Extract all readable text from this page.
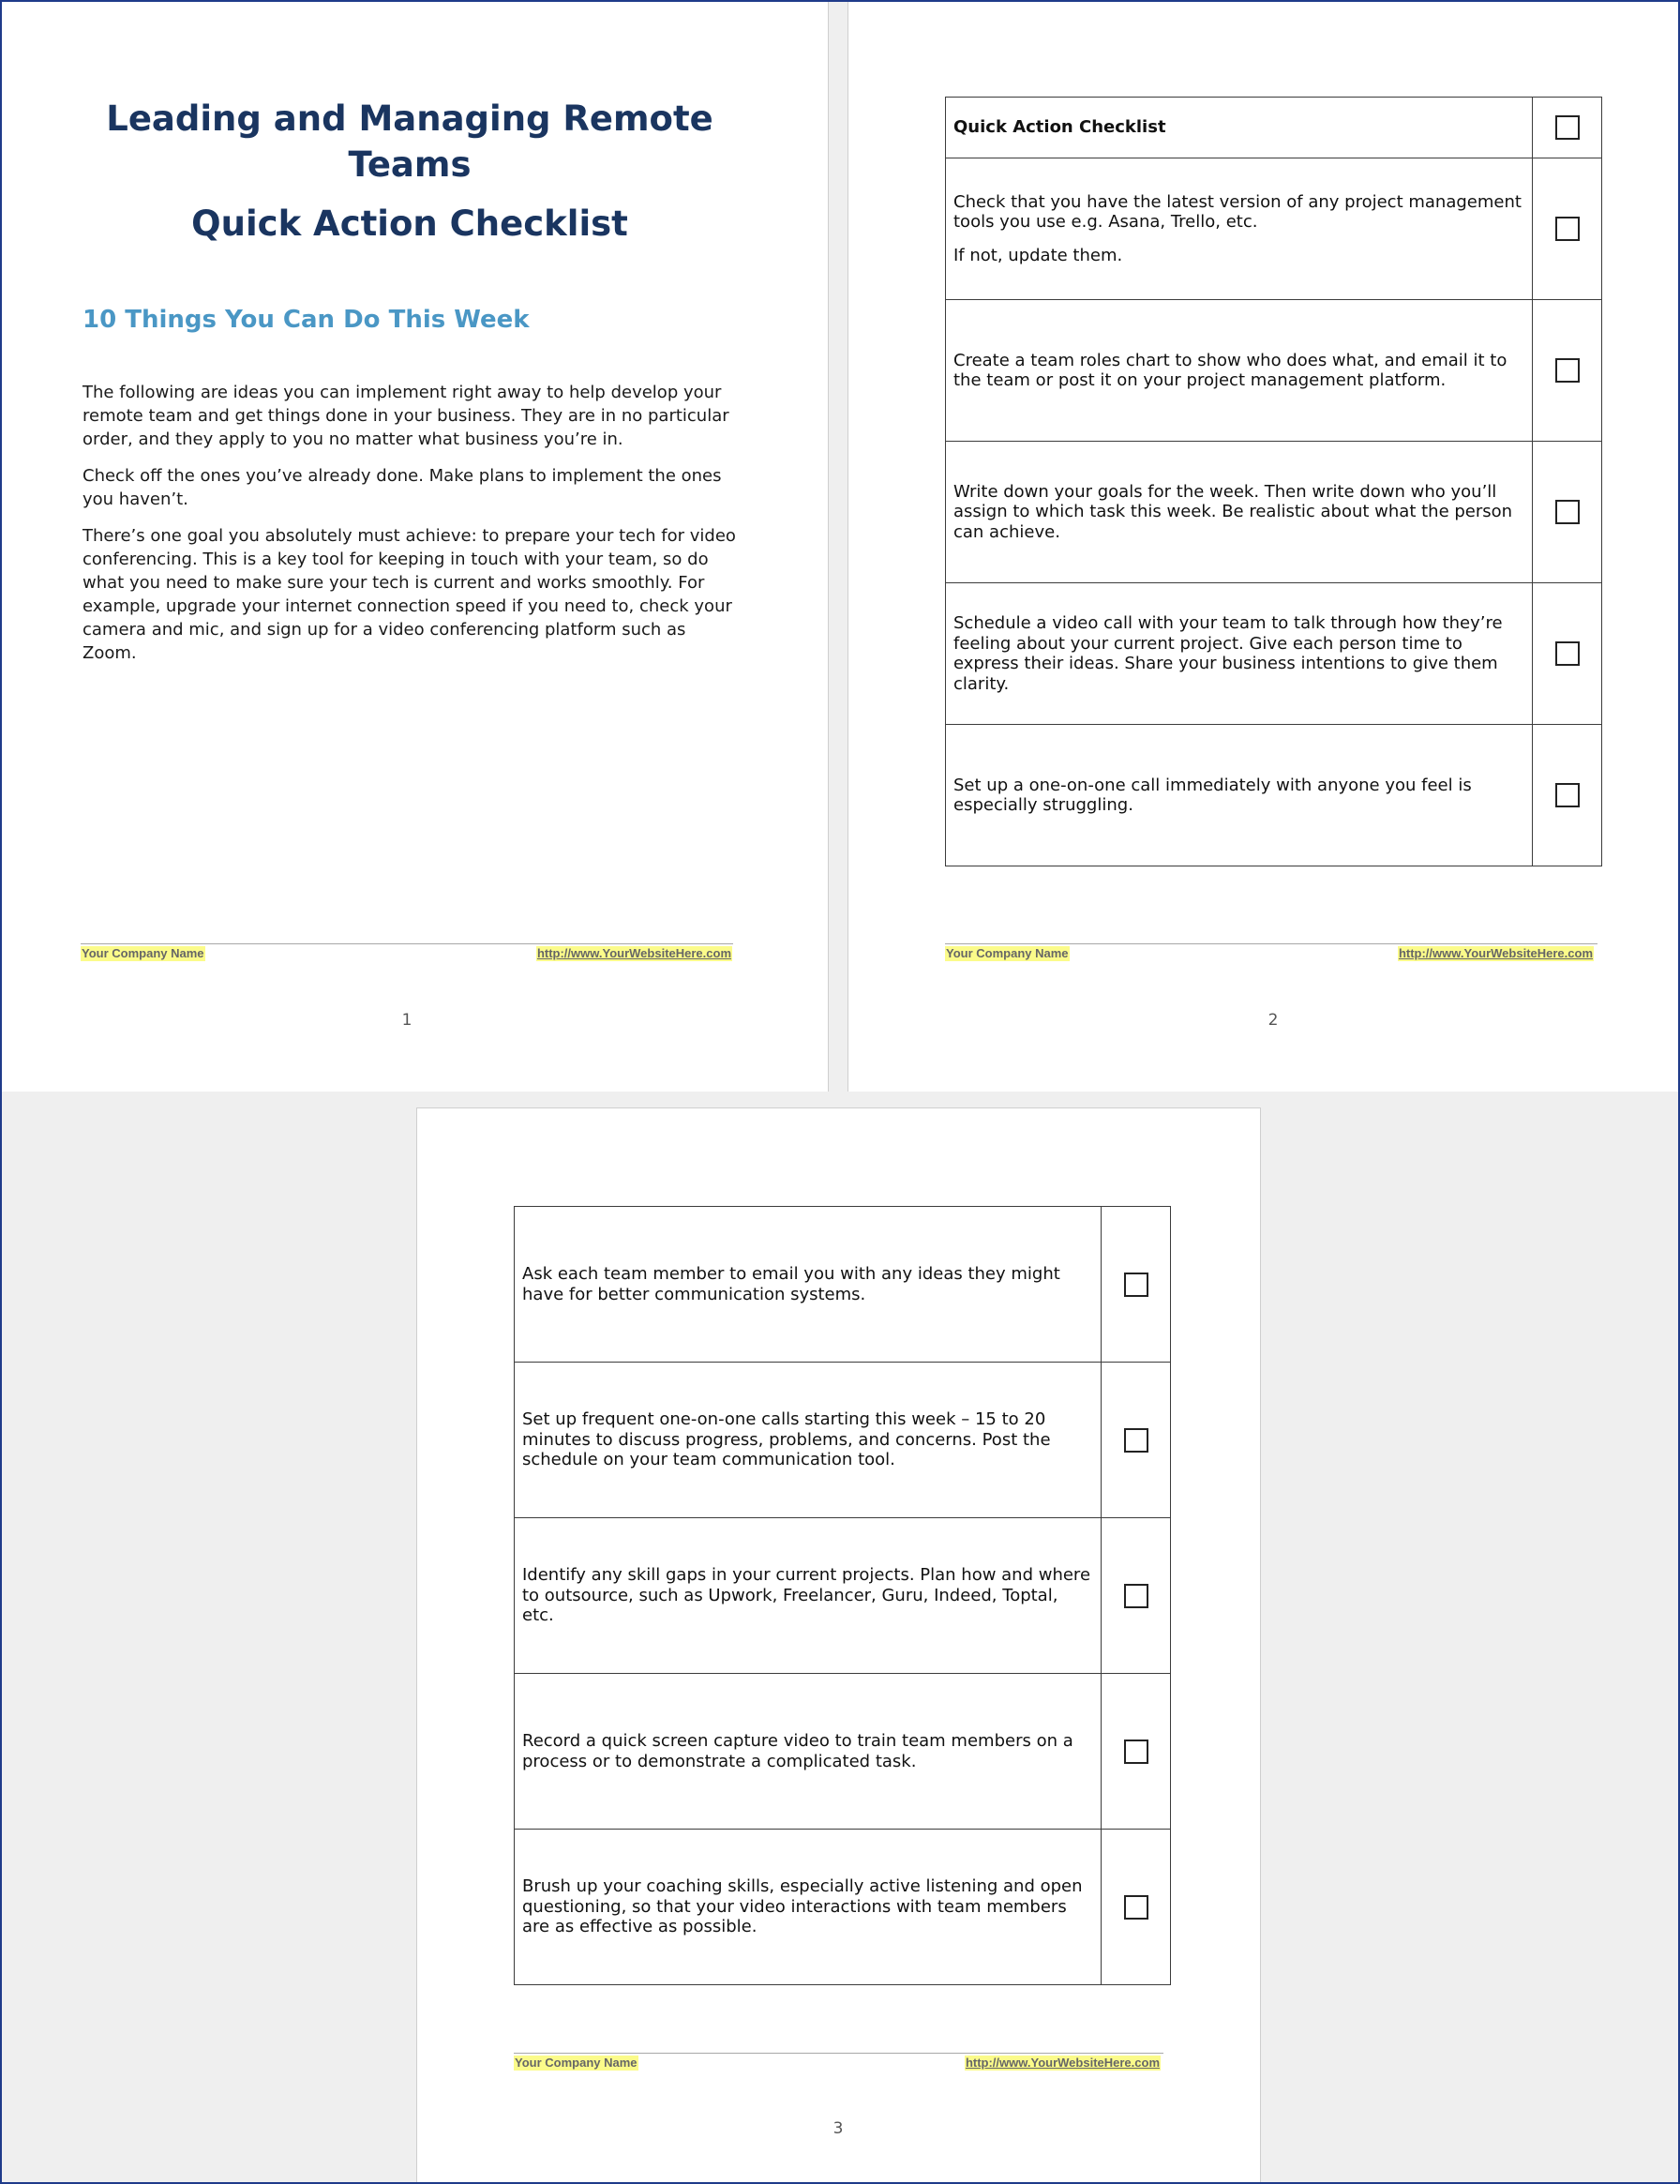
Leading and Managing Remote Teams
Quick Action Checklist
10 Things You Can Do This Week

The following are ideas you can implement right away to help develop your remote team and get things done in your business. They are in no particular order, and they apply to you no matter what business you’re in.

Check off the ones you’ve already done. Make plans to implement the ones you haven’t.

There’s one goal you absolutely must achieve: to prepare your tech for video conferencing. This is a key tool for keeping in touch with your team, so do what you need to make sure your tech is current and works smoothly. For example, upgrade your internet connection speed if you need to, check your camera and mic, and sign up for a video conferencing platform such as Zoom.

Your Company Name	http://www.YourWebsiteHere.com
1
Quick Action Checklist	

Check that you have the latest version of any project management tools you use e.g. Asana, Trello, etc.

If not, update them.	

Create a team roles chart to show who does what, and email it to the team or post it on your project management platform.	

Write down your goals for the week. Then write down who you’ll assign to which task this week. Be realistic about what the person can achieve.	

Schedule a video call with your team to talk through how they’re feeling about your current project. Give each person time to express their ideas. Share your business intentions to give them clarity.	

Set up a one-on-one call immediately with anyone you feel is especially struggling.	

Your Company Name	http://www.YourWebsiteHere.com
2

Ask each team member to email you with any ideas they might have for better communication systems.	

Set up frequent one-on-one calls starting this week – 15 to 20 minutes to discuss progress, problems, and concerns. Post the schedule on your team communication tool.	

Identify any skill gaps in your current projects. Plan how and where to outsource, such as Upwork, Freelancer, Guru, Indeed, Toptal, etc.	

Record a quick screen capture video to train team members on a process or to demonstrate a complicated task.	

Brush up your coaching skills, especially active listening and open questioning, so that your video interactions with team members are as effective as possible.	

Your Company Name	http://www.YourWebsiteHere.com
3
